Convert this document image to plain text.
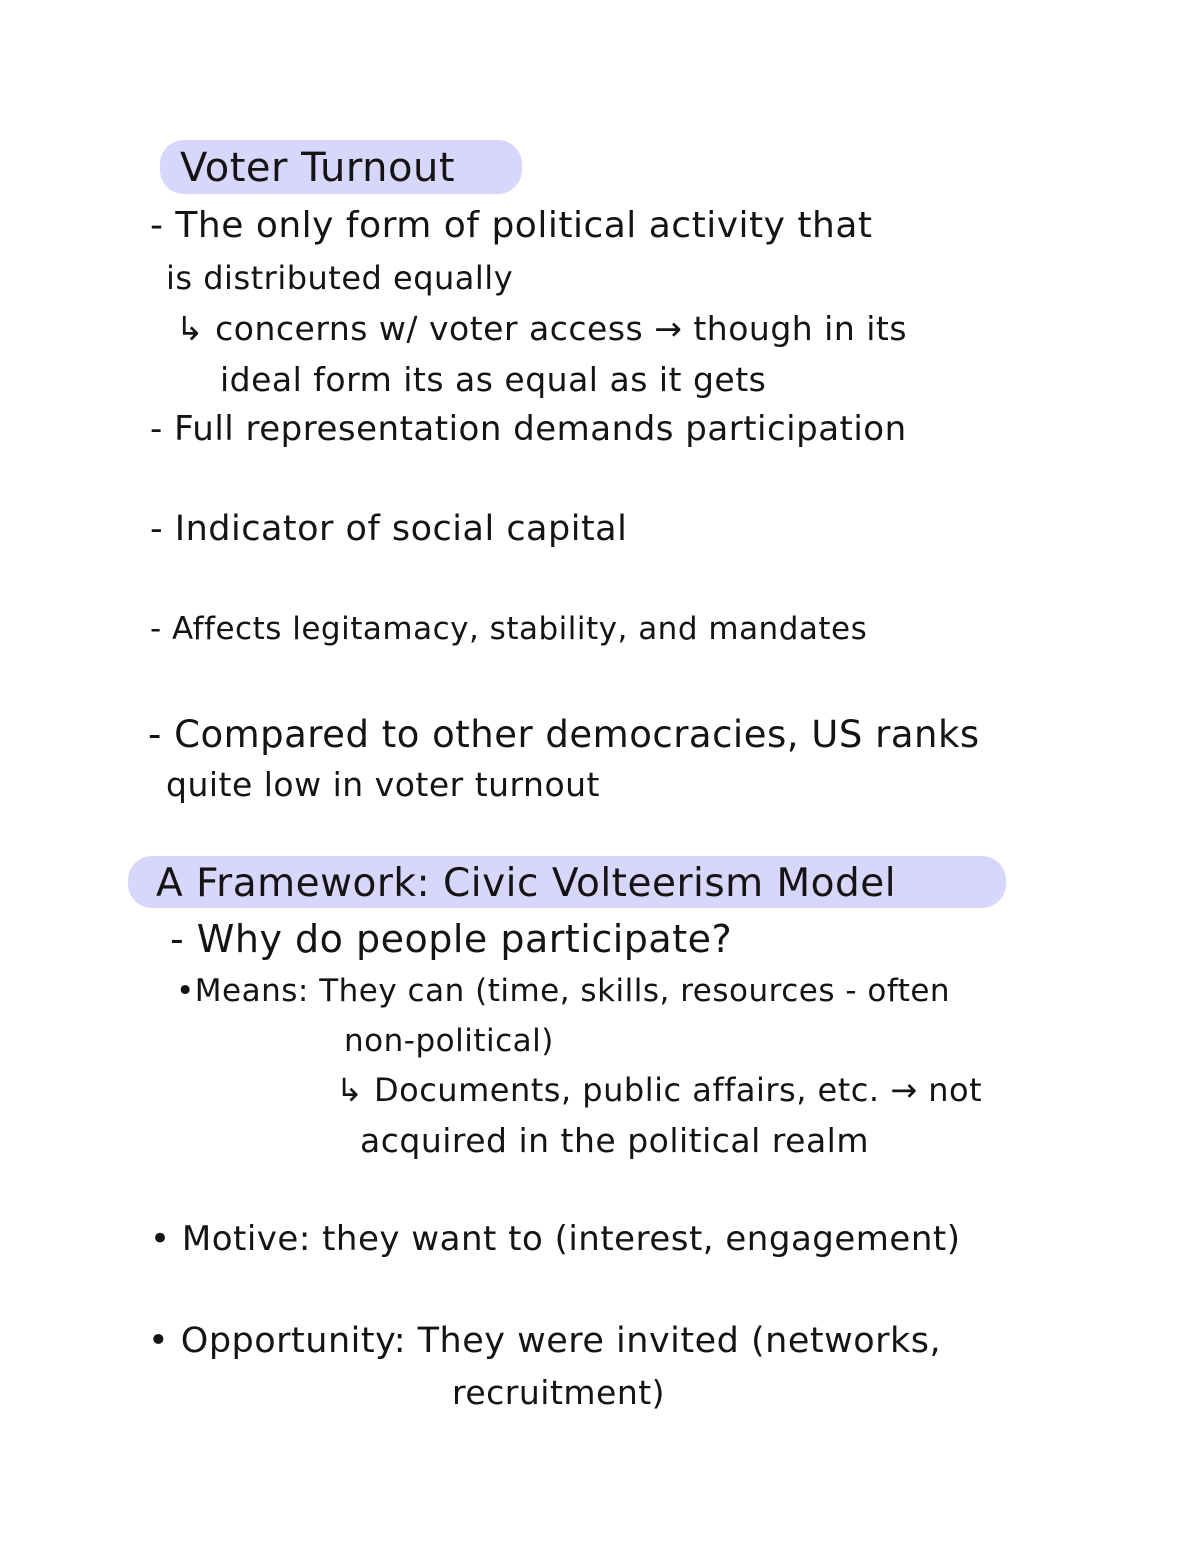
Voter Turnout
- The only form of political activity that
is distributed equally
↳ concerns w/ voter access → though in its
ideal form its as equal as it gets
- Full representation demands participation
- Indicator of social capital
- Affects legitamacy, stability, and mandates
- Compared to other democracies, US ranks
quite low in voter turnout
A Framework: Civic Volteerism Model
- Why do people participate?
•Means: They can (time, skills, resources - often
non-political)
↳ Documents, public affairs, etc. → not
acquired in the political realm
• Motive: they want to (interest, engagement)
• Opportunity: They were invited (networks,
recruitment)
